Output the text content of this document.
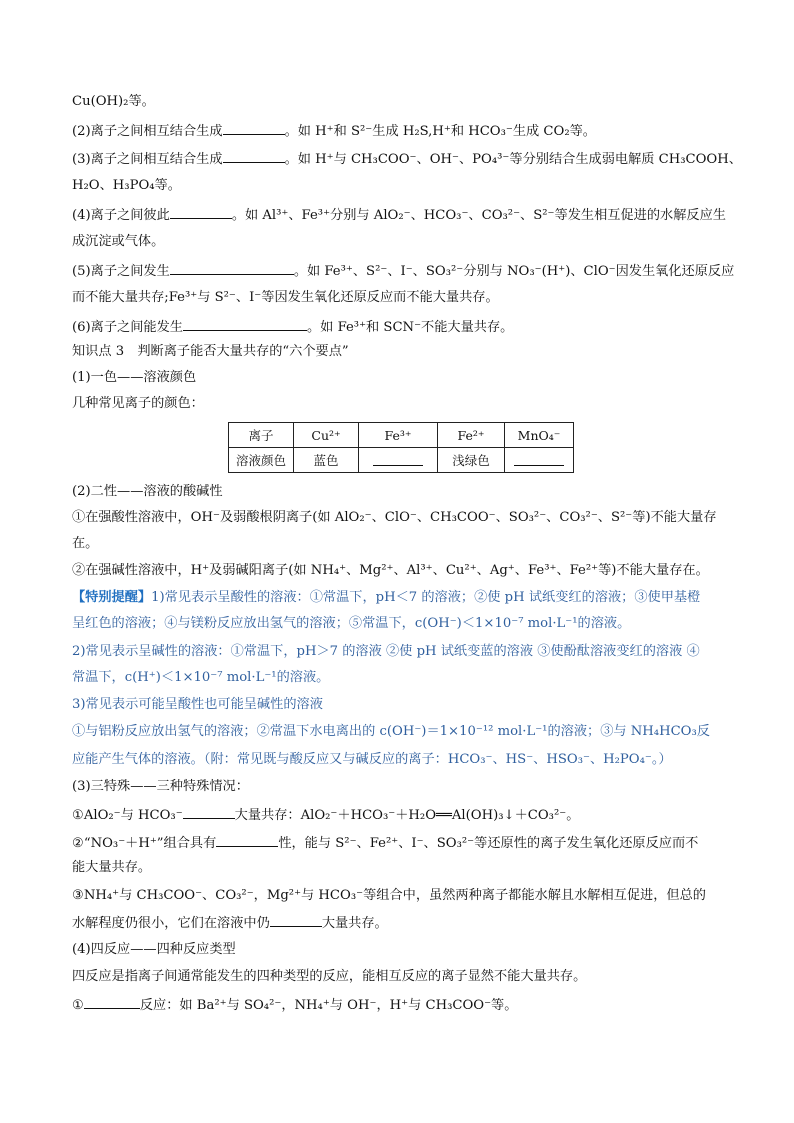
Cu(OH)₂等。
(2)离子之间相互结合生成	。如 H⁺和 S²⁻生成 H₂S,H⁺和 HCO₃⁻生成 CO₂等。
(3)离子之间相互结合生成	。如 H⁺与 CH₃COO⁻、OH⁻、PO₄³⁻等分别结合生成弱电解质 CH₃COOH、
H₂O、H₃PO₄等。
(4)离子之间彼此	。如 Al³⁺、Fe³⁺分别与 AlO₂⁻、HCO₃⁻、CO₃²⁻、S²⁻等发生相互促进的水解反应生
成沉淀或气体。
(5)离子之间发生	。如 Fe³⁺、S²⁻、I⁻、SO₃²⁻分别与 NO₃⁻(H⁺)、ClO⁻因发生氧化还原反应
而不能大量共存;Fe³⁺与 S²⁻、I⁻等因发生氧化还原反应而不能大量共存。
(6)离子之间能发生	。如 Fe³⁺和 SCN⁻不能大量共存。
知识点 3　判断离子能否大量共存的“六个要点”
(1)一色——溶液颜色
几种常见离子的颜色：
离子	Cu²⁺	Fe³⁺	Fe²⁺	MnO₄⁻
溶液颜色	蓝色		浅绿色	
(2)二性——溶液的酸碱性
①在强酸性溶液中，OH⁻及弱酸根阴离子(如 AlO₂⁻、ClO⁻、CH₃COO⁻、SO₃²⁻、CO₃²⁻、S²⁻等)不能大量存
在。
②在强碱性溶液中，H⁺及弱碱阳离子(如 NH₄⁺、Mg²⁺、Al³⁺、Cu²⁺、Ag⁺、Fe³⁺、Fe²⁺等)不能大量存在。
【特别提醒】1)常见表示呈酸性的溶液：①常温下，pH＜7 的溶液；②使 pH 试纸变红的溶液；③使甲基橙
呈红色的溶液；④与镁粉反应放出氢气的溶液；⑤常温下，c(OH⁻)＜1×10⁻⁷ mol·L⁻¹的溶液。
2)常见表示呈碱性的溶液：①常温下，pH＞7 的溶液 ②使 pH 试纸变蓝的溶液 ③使酚酞溶液变红的溶液 ④
常温下，c(H⁺)＜1×10⁻⁷ mol·L⁻¹的溶液。
3)常见表示可能呈酸性也可能呈碱性的溶液
①与铝粉反应放出氢气的溶液；②常温下水电离出的 c(OH⁻)＝1×10⁻¹² mol·L⁻¹的溶液；③与 NH₄HCO₃反
应能产生气体的溶液。（附：常见既与酸反应又与碱反应的离子：HCO₃⁻、HS⁻、HSO₃⁻、H₂PO₄⁻。）
(3)三特殊——三种特殊情况：
①AlO₂⁻与 HCO₃⁻	大量共存：AlO₂⁻＋HCO₃⁻＋H₂O══Al(OH)₃↓＋CO₃²⁻。
②“NO₃⁻＋H⁺”组合具有	性，能与 S²⁻、Fe²⁺、I⁻、SO₃²⁻等还原性的离子发生氧化还原反应而不
能大量共存。
③NH₄⁺与 CH₃COO⁻、CO₃²⁻，Mg²⁺与 HCO₃⁻等组合中，虽然两种离子都能水解且水解相互促进，但总的
水解程度仍很小，它们在溶液中仍	大量共存。
(4)四反应——四种反应类型
四反应是指离子间通常能发生的四种类型的反应，能相互反应的离子显然不能大量共存。
①	反应：如 Ba²⁺与 SO₄²⁻，NH₄⁺与 OH⁻，H⁺与 CH₃COO⁻等。
